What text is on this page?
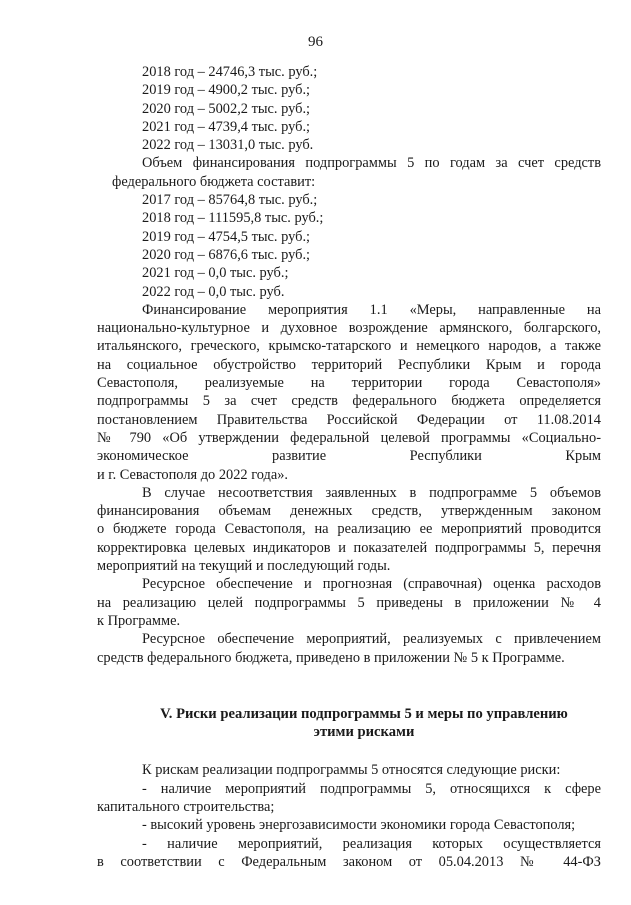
96
2018 год – 24746,3 тыс. руб.;
2019 год – 4900,2 тыс. руб.;
2020 год – 5002,2 тыс. руб.;
2021 год – 4739,4 тыс. руб.;
2022 год – 13031,0 тыс. руб.
Объем финансирования подпрограммы 5 по годам за счет средств
федерального бюджета составит:
2017 год – 85764,8 тыс. руб.;
2018 год – 111595,8 тыс. руб.;
2019 год – 4754,5 тыс. руб.;
2020 год – 6876,6 тыс. руб.;
2021 год – 0,0 тыс. руб.;
2022 год – 0,0 тыс. руб.
Финансирование мероприятия 1.1 «Меры, направленные на
национально-культурное и духовное возрождение армянского, болгарского,
итальянского, греческого, крымско-татарского и немецкого народов, а также
на социальное обустройство территорий Республики Крым и города
Севастополя, реализуемые на территории города Севастополя»
подпрограммы 5 за счет средств федерального бюджета определяется
постановлением Правительства Российской Федерации от 11.08.2014
№ 790 «Об утверждении федеральной целевой программы «Социально-
экономическое развитие Республики Крым
и г. Севастополя до 2022 года».
В случае несоответствия заявленных в подпрограмме 5 объемов
финансирования объемам денежных средств, утвержденным законом
о бюджете города Севастополя, на реализацию ее мероприятий проводится
корректировка целевых индикаторов и показателей подпрограммы 5, перечня
мероприятий на текущий и последующий годы.
Ресурсное обеспечение и прогнозная (справочная) оценка расходов
на реализацию целей подпрограммы 5 приведены в приложении № 4
к Программе.
Ресурсное обеспечение мероприятий, реализуемых с привлечением
средств федерального бюджета, приведено в приложении № 5 к Программе.
V. Риски реализации подпрограммы 5 и меры по управлению
этими рисками
К рискам реализации подпрограммы 5 относятся следующие риски:
- наличие мероприятий подпрограммы 5, относящихся к сфере
капитального строительства;
- высокий уровень энергозависимости экономики города Севастополя;
- наличие мероприятий, реализация которых осуществляется
в соответствии с Федеральным законом от 05.04.2013 № 44-ФЗ
